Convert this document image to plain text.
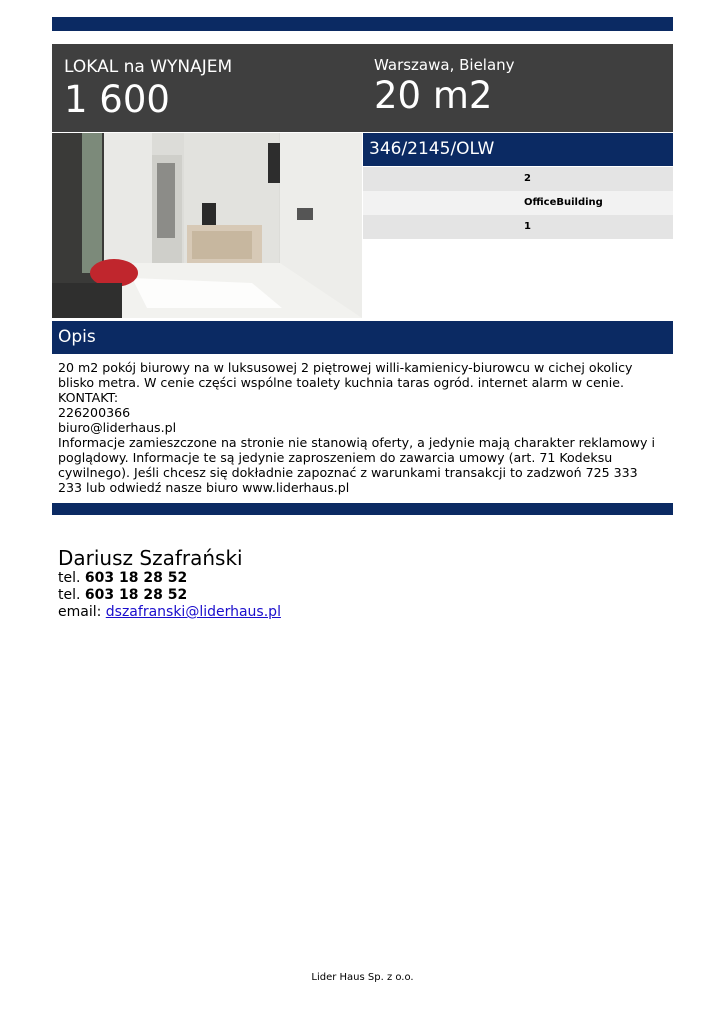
LOKAL na WYNAJEM
1 600
Warszawa, Bielany
20 m2
346/2145/OLW
2
OfficeBuilding
1
Opis
20 m2 pokój biurowy na w luksusowej 2 piętrowej willi-kamienicy-biurowcu w cichej okolicy blisko metra. W cenie części wspólne toalety kuchnia taras ogród. internet alarm w cenie.
KONTAKT:
226200366
biuro@liderhaus.pl
Informacje zamieszczone na stronie nie stanowią oferty, a jedynie mają charakter reklamowy i poglądowy. Informacje te są jedynie zaproszeniem do zawarcia umowy (art. 71 Kodeksu cywilnego). Jeśli chcesz się dokładnie zapoznać z warunkami transakcji to zadzwoń 725 333 233 lub odwiedź nasze biuro www.liderhaus.pl
Dariusz Szafrański
tel. 603 18 28 52
tel. 603 18 28 52
email: dszafranski@liderhaus.pl
Lider Haus Sp. z o.o.
